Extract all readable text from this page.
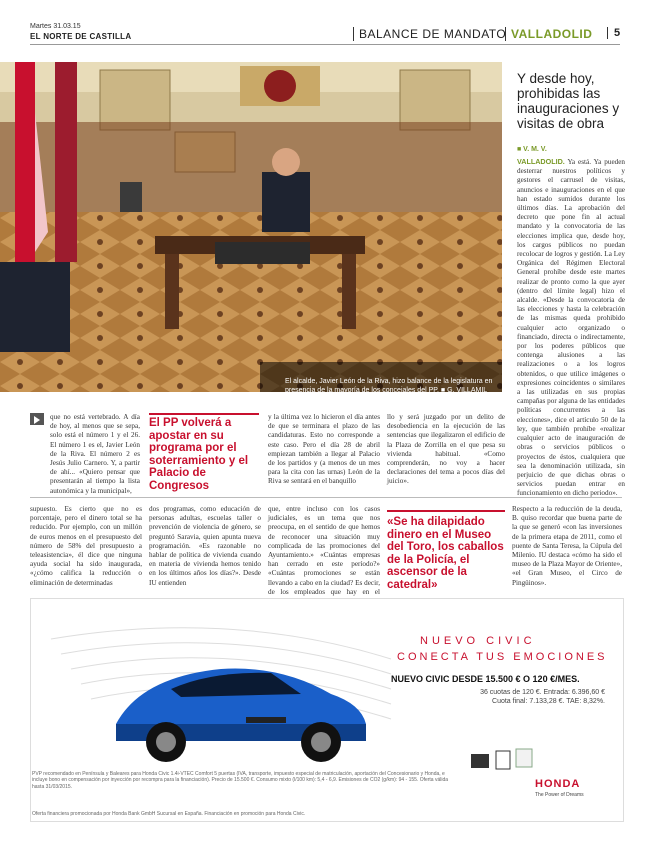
Martes 31.03.15
EL NORTE DE CASTILLA	BALANCE DE MANDATO VALLADOLID	5
El alcalde, Javier León de la Riva, hizo balance de la legislatura en presencia de la mayoría de los concejales del PP. ■ G. VILLAMIL
Y desde hoy, prohibidas las inauguraciones y visitas de obra
■ V. M. V.
VALLADOLID. Ya está. Ya pueden desterrar nuestros políticos y gestores el carrusel de visitas, anuncios e inauguraciones en el que han estado sumidos durante los últimos días. La aprobación del decreto que pone fin al actual mandato y la convocatoria de las elecciones implica que, desde hoy, los cargos públicos no puedan recolocar de logros y gestión. La Ley Orgánica del Régimen Electoral General prohíbe desde este martes realizar de pronto como la que ayer (dentro del límite legal) hizo el alcalde. «Desde la convocatoria de las elecciones y hasta la celebración de las mismas queda prohibido cualquier acto organizado o financiado, directa o indirectamente, por los poderes públicos que contenga alusiones a las realizaciones o a los logros obtenidos, o que utilice imágenes o expresiones coincidentes o similares a las utilizadas en sus propias campañas por alguna de las entidades políticas concurrentes a las elecciones», dice el artículo 50 de la ley, que también prohíbe «realizar cualquier acto de inauguración de obras o servicios públicos o proyectos de éstos, cualquiera que sea la denominación utilizada, sin perjuicio de que dichas obras o servicios puedan entrar en funcionamiento en dicho periodo».
que no está vertebrado. A día de hoy, al menos que se sepa, solo está el número 1 y el 26. El número 1 es el, Javier León de la Riva. El número 2 es Jesús Julio Carnero. Y, a partir de ahí... «Quiero pensar que presentarán al tiempo la lista autonómica y la municipal»,
El PP volverá a apostar en su programa por el soterramiento y el Palacio de Congresos
y la última vez lo hicieron el día antes de que se terminara el plazo de las candidaturas. Esto no corresponde a este caso. Pero el día 28 de abril empiezan también a llegar al Palacio de los partidos y (a menos de un mes para la cita con las urnas) León de la Riva se sentará en el banquillo
llo y será juzgado por un delito de desobediencia en la ejecución de las sentencias que ilegalizaron el edificio de la Plaza de Zorrilla en el que pesa su vivienda habitual. «Como comprenderán, no voy a hacer declaraciones del tema a pocos días del juicio».
supuesto. Es cierto que no es porcentaje, pero el dinero total se ha reducido. Por ejemplo, con un millón de euros menos en el presupuesto del número de 58% del presupuesto a teleasistencia», él dice que ninguna ayuda social ha sido inaugurada, «¿cómo califica la reducción o eliminación de determinadas
dos programas, como educación de personas adultas, escuelas taller o prevención de violencia de género, se preguntó Saravia, quien apunta nueva programación. «Es razonable no hablar de política de vivienda cuando en materia de vivienda hemos tenido en los últimos años los días?». Desde IU entienden
que, entre incluso con los casos judiciales, es un tema que nos preocupa, en el sentido de que hemos de reconocer una situación muy complicada de las promociones del Ayuntamiento.» «Cuántas empresas han cerrado en este período?» «Cuántas promociones se están llevando a cabo en la ciudad? Es decir, de los empleados que hay en el
«Se ha dilapidado dinero en el Museo del Toro, los caballos de la Policía, el ascensor de la catedral»
Respecto a la reducción de la deuda, B. quiso recordar que buena parte de la que se generó «con las inversiones de la primera etapa de 2011, como el puente de Santa Teresa, la Cúpula del Milenio. IU destaca «cómo ha sido el museo de la Plaza Mayor de Oriente», «el Gran Museo, el Circo de Pingüinos».
NUEVO CIVIC
CONECTA TUS EMOCIONES
NUEVO CIVIC DESDE 15.500 € O 120 €/MES.
36 cuotas de 120 €. Entrada: 6.396,60 €
Cuota final: 7.133,28 €. TAE: 8,32%.
PVP recomendado en Península y Baleares para Honda Civic 1.4i-VTEC Comfort 5 puertas (IVA, transporte, impuesto especial de matriculación, aportación del Concesionario y Honda, e incluye bono en compensación por inyección por recompra para la financiación). Precio de 15.500 €. Consumo mixto (l/100 km): 5,4 - 6,9. Emisiones de CO2 (g/km): 94 - 155. Oferta válida hasta 31/03/2015.	HONDA
The Power of Dreams
Oferta financiera promocionada por Honda Bank GmbH Sucursal en España. Financiación en promoción para Honda Civic.
